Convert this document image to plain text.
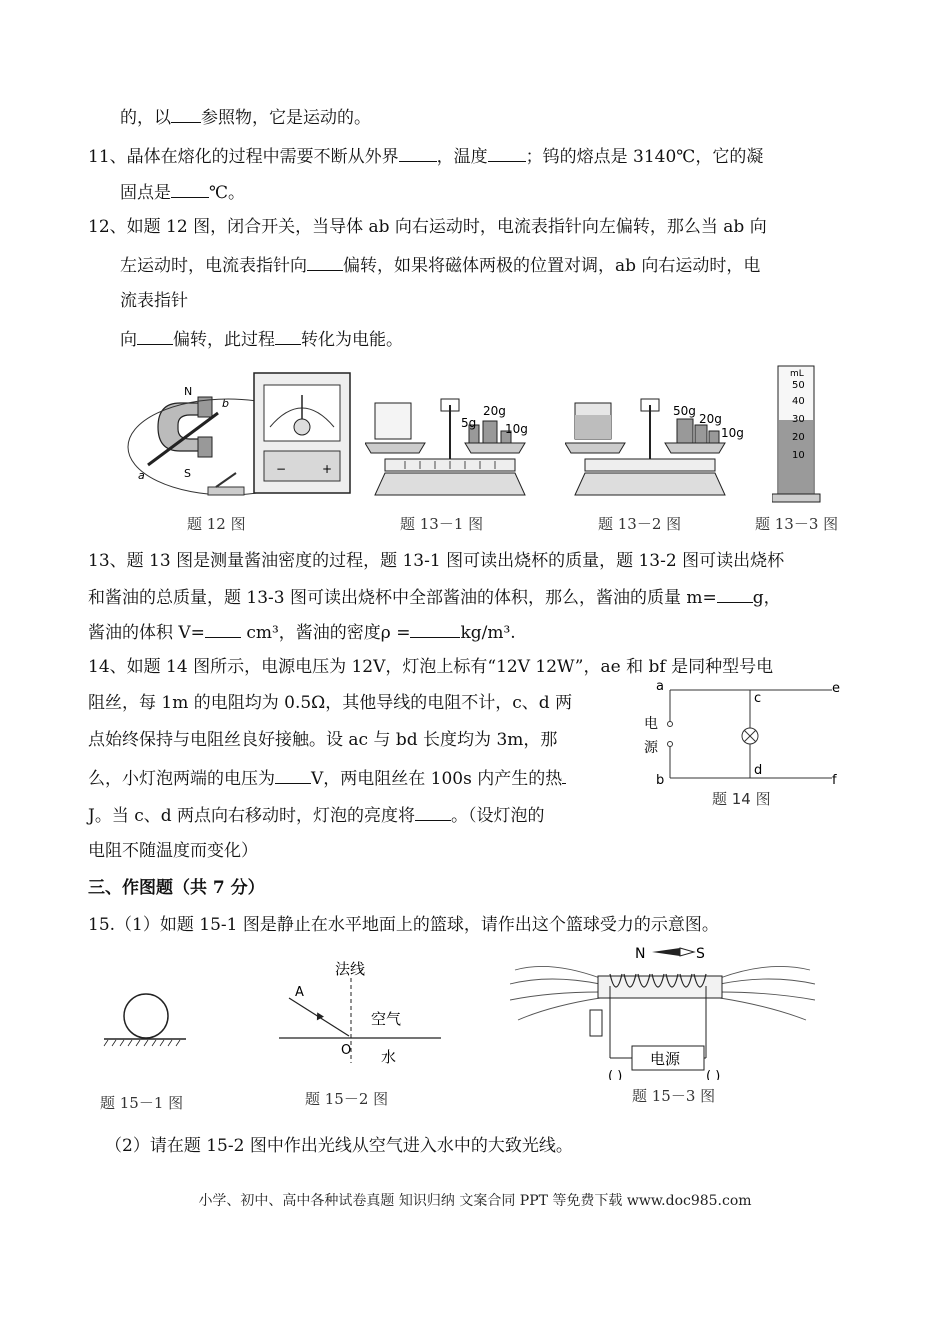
的，以 参照物，它是运动的。
11、晶体在熔化的过程中需要不断从外界 ，温度 ；钨的熔点是 3140℃，它的凝
固点是 ℃。
12、如题 12 图，闭合开关，当导体 ab 向右运动时，电流表指针向左偏转，那么当 ab 向
左运动时，电流表指针向 偏转，如果将磁体两极的位置对调，ab 向右运动时，电
流表指针
向 偏转，此过程 转化为电能。
N
S
a
b
−	+
题 12 图
20g
5g 10g
题 13－1 图
50g
20g
10g
题 13－2 图
mL
50
40
30
20
10
题 13－3 图
13、题 13 图是测量酱油密度的过程，题 13-1 图可读出烧杯的质量，题 13-2 图可读出烧杯
和酱油的总质量，题 13-3 图可读出烧杯中全部酱油的体积，那么，酱油的质量 m= g，
酱油的体积 V= cm³，酱油的密度ρ =	kg/m³.
14、如题 14 图所示，电源电压为 12V，灯泡上标有“12V 12W”，ae 和 bf 是同种型号电
阻丝，每 1m 的电阻均为 0.5Ω，其他导线的电阻不计，c、d 两
点始终保持与电阻丝良好接触。设 ac 与 bd 长度均为 3m，那
么，小灯泡两端的电压为 V，两电阻丝在 100s 内产生的热
J。当 c、d 两点向右移动时，灯泡的亮度将 。（设灯泡的
电阻不随温度而变化）
a
b
c
d
e
f
电
源
题 14 图
三、作图题（共 7 分）
15.（1）如题 15-1 图是静止在水平地面上的篮球，请作出这个篮球受力的示意图。
题 15－1 图
法线
A
O
空气
水
题 15－2 图
N	S
电源
( )	( )
题 15－3 图
（2）请在题 15-2 图中作出光线从空气进入水中的大致光线。
小学、初中、高中各种试卷真题 知识归纳 文案合同 PPT 等免费下载 www.doc985.com
